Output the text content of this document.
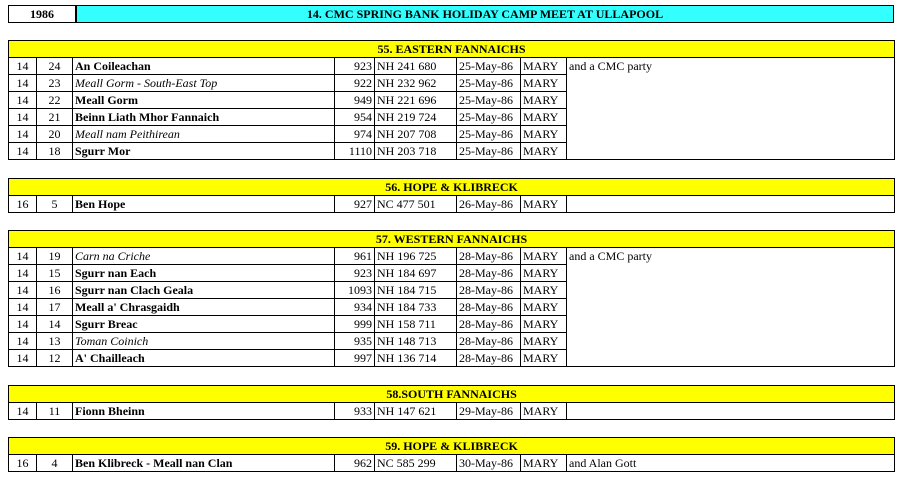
1986	14. CMC SPRING BANK HOLIDAY CAMP MEET AT ULLAPOOL
55. EASTERN FANNAICHS							
14	24	An Coileachan	923	NH 241 680	25-May-86	MARY	and a CMC party
14	23	Meall Gorm - South-East Top	922	NH 232 962	25-May-86	MARY	
14	22	Meall Gorm	949	NH 221 696	25-May-86	MARY	
14	21	Beinn Liath Mhor Fannaich	954	NH 219 724	25-May-86	MARY	
14	20	Meall nam Peithirean	974	NH 207 708	25-May-86	MARY	
14	18	Sgurr Mor	1110	NH 203 718	25-May-86	MARY	
56. HOPE & KLIBRECK
16	5	Ben Hope	927	NC 477 501	26-May-86	MARY	
57. WESTERN FANNAICHS							
14	19	Carn na Criche	961	NH 196 725	28-May-86	MARY	and a CMC party
14	15	Sgurr nan Each	923	NH 184 697	28-May-86	MARY	
14	16	Sgurr nan Clach Geala	1093	NH 184 715	28-May-86	MARY	
14	17	Meall a' Chrasgaidh	934	NH 184 733	28-May-86	MARY	
14	14	Sgurr Breac	999	NH 158 711	28-May-86	MARY	
14	13	Toman Coinich	935	NH 148 713	28-May-86	MARY	
14	12	A' Chailleach	997	NH 136 714	28-May-86	MARY	
58.SOUTH FANNAICHS
14	11	Fionn Bheinn	933	NH 147 621	29-May-86	MARY	
59. HOPE & KLIBRECK
16	4	Ben Klibreck - Meall nan Clan	962	NC 585 299	30-May-86	MARY	and Alan Gott
